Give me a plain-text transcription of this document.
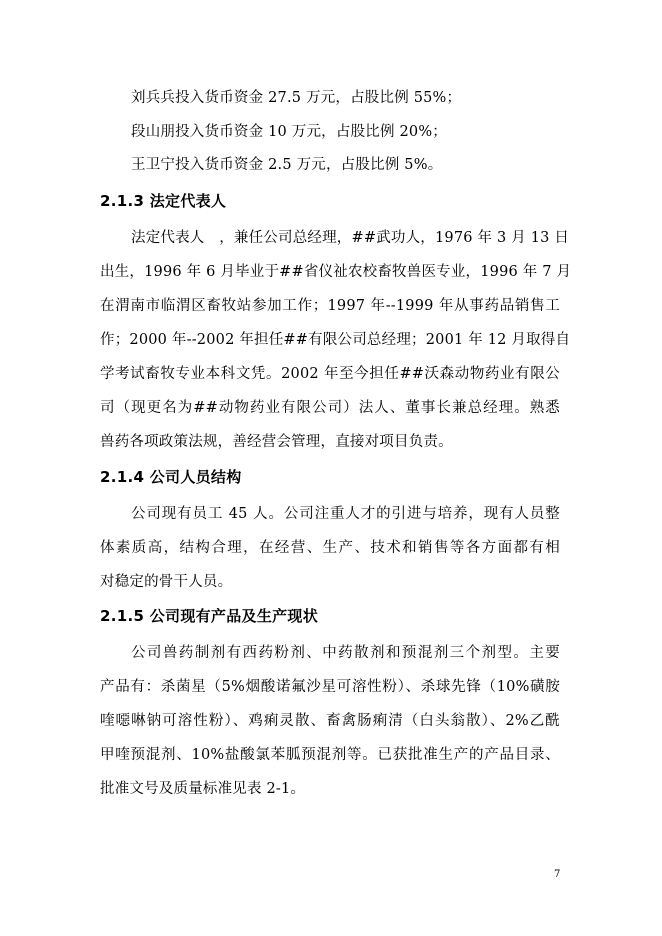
刘兵兵投入货币资金 27.5 万元，占股比例 55%；
段山朋投入货币资金 10 万元，占股比例 20%；
王卫宁投入货币资金 2.5 万元，占股比例 5%。
2.1.3 法定代表人
法定代表人　，兼任公司总经理，##武功人，1976 年 3 月 13 日
出生，1996 年 6 月毕业于##省仪祉农校畜牧兽医专业，1996 年 7 月
在渭南市临渭区畜牧站参加工作；1997 年--1999 年从事药品销售工
作；2000 年--2002 年担任##有限公司总经理；2001 年 12 月取得自
学考试畜牧专业本科文凭。2002 年至今担任##沃森动物药业有限公
司（现更名为##动物药业有限公司）法人、董事长兼总经理。熟悉
兽药各项政策法规，善经营会管理，直接对项目负责。
2.1.4 公司人员结构
公司现有员工 45 人。公司注重人才的引进与培养，现有人员整
体素质高，结构合理，在经营、生产、技术和销售等各方面都有相
对稳定的骨干人员。
2.1.5 公司现有产品及生产现状
公司兽药制剂有西药粉剂、中药散剂和预混剂三个剂型。主要
产品有：杀菌星（5%烟酸诺氟沙星可溶性粉）、杀球先锋（10%磺胺
喹噁啉钠可溶性粉）、鸡痢灵散、畜禽肠痢清（白头翁散）、2%乙酰
甲喹预混剂、10%盐酸氯苯胍预混剂等。已获批准生产的产品目录、
批准文号及质量标准见表 2-1。
7
